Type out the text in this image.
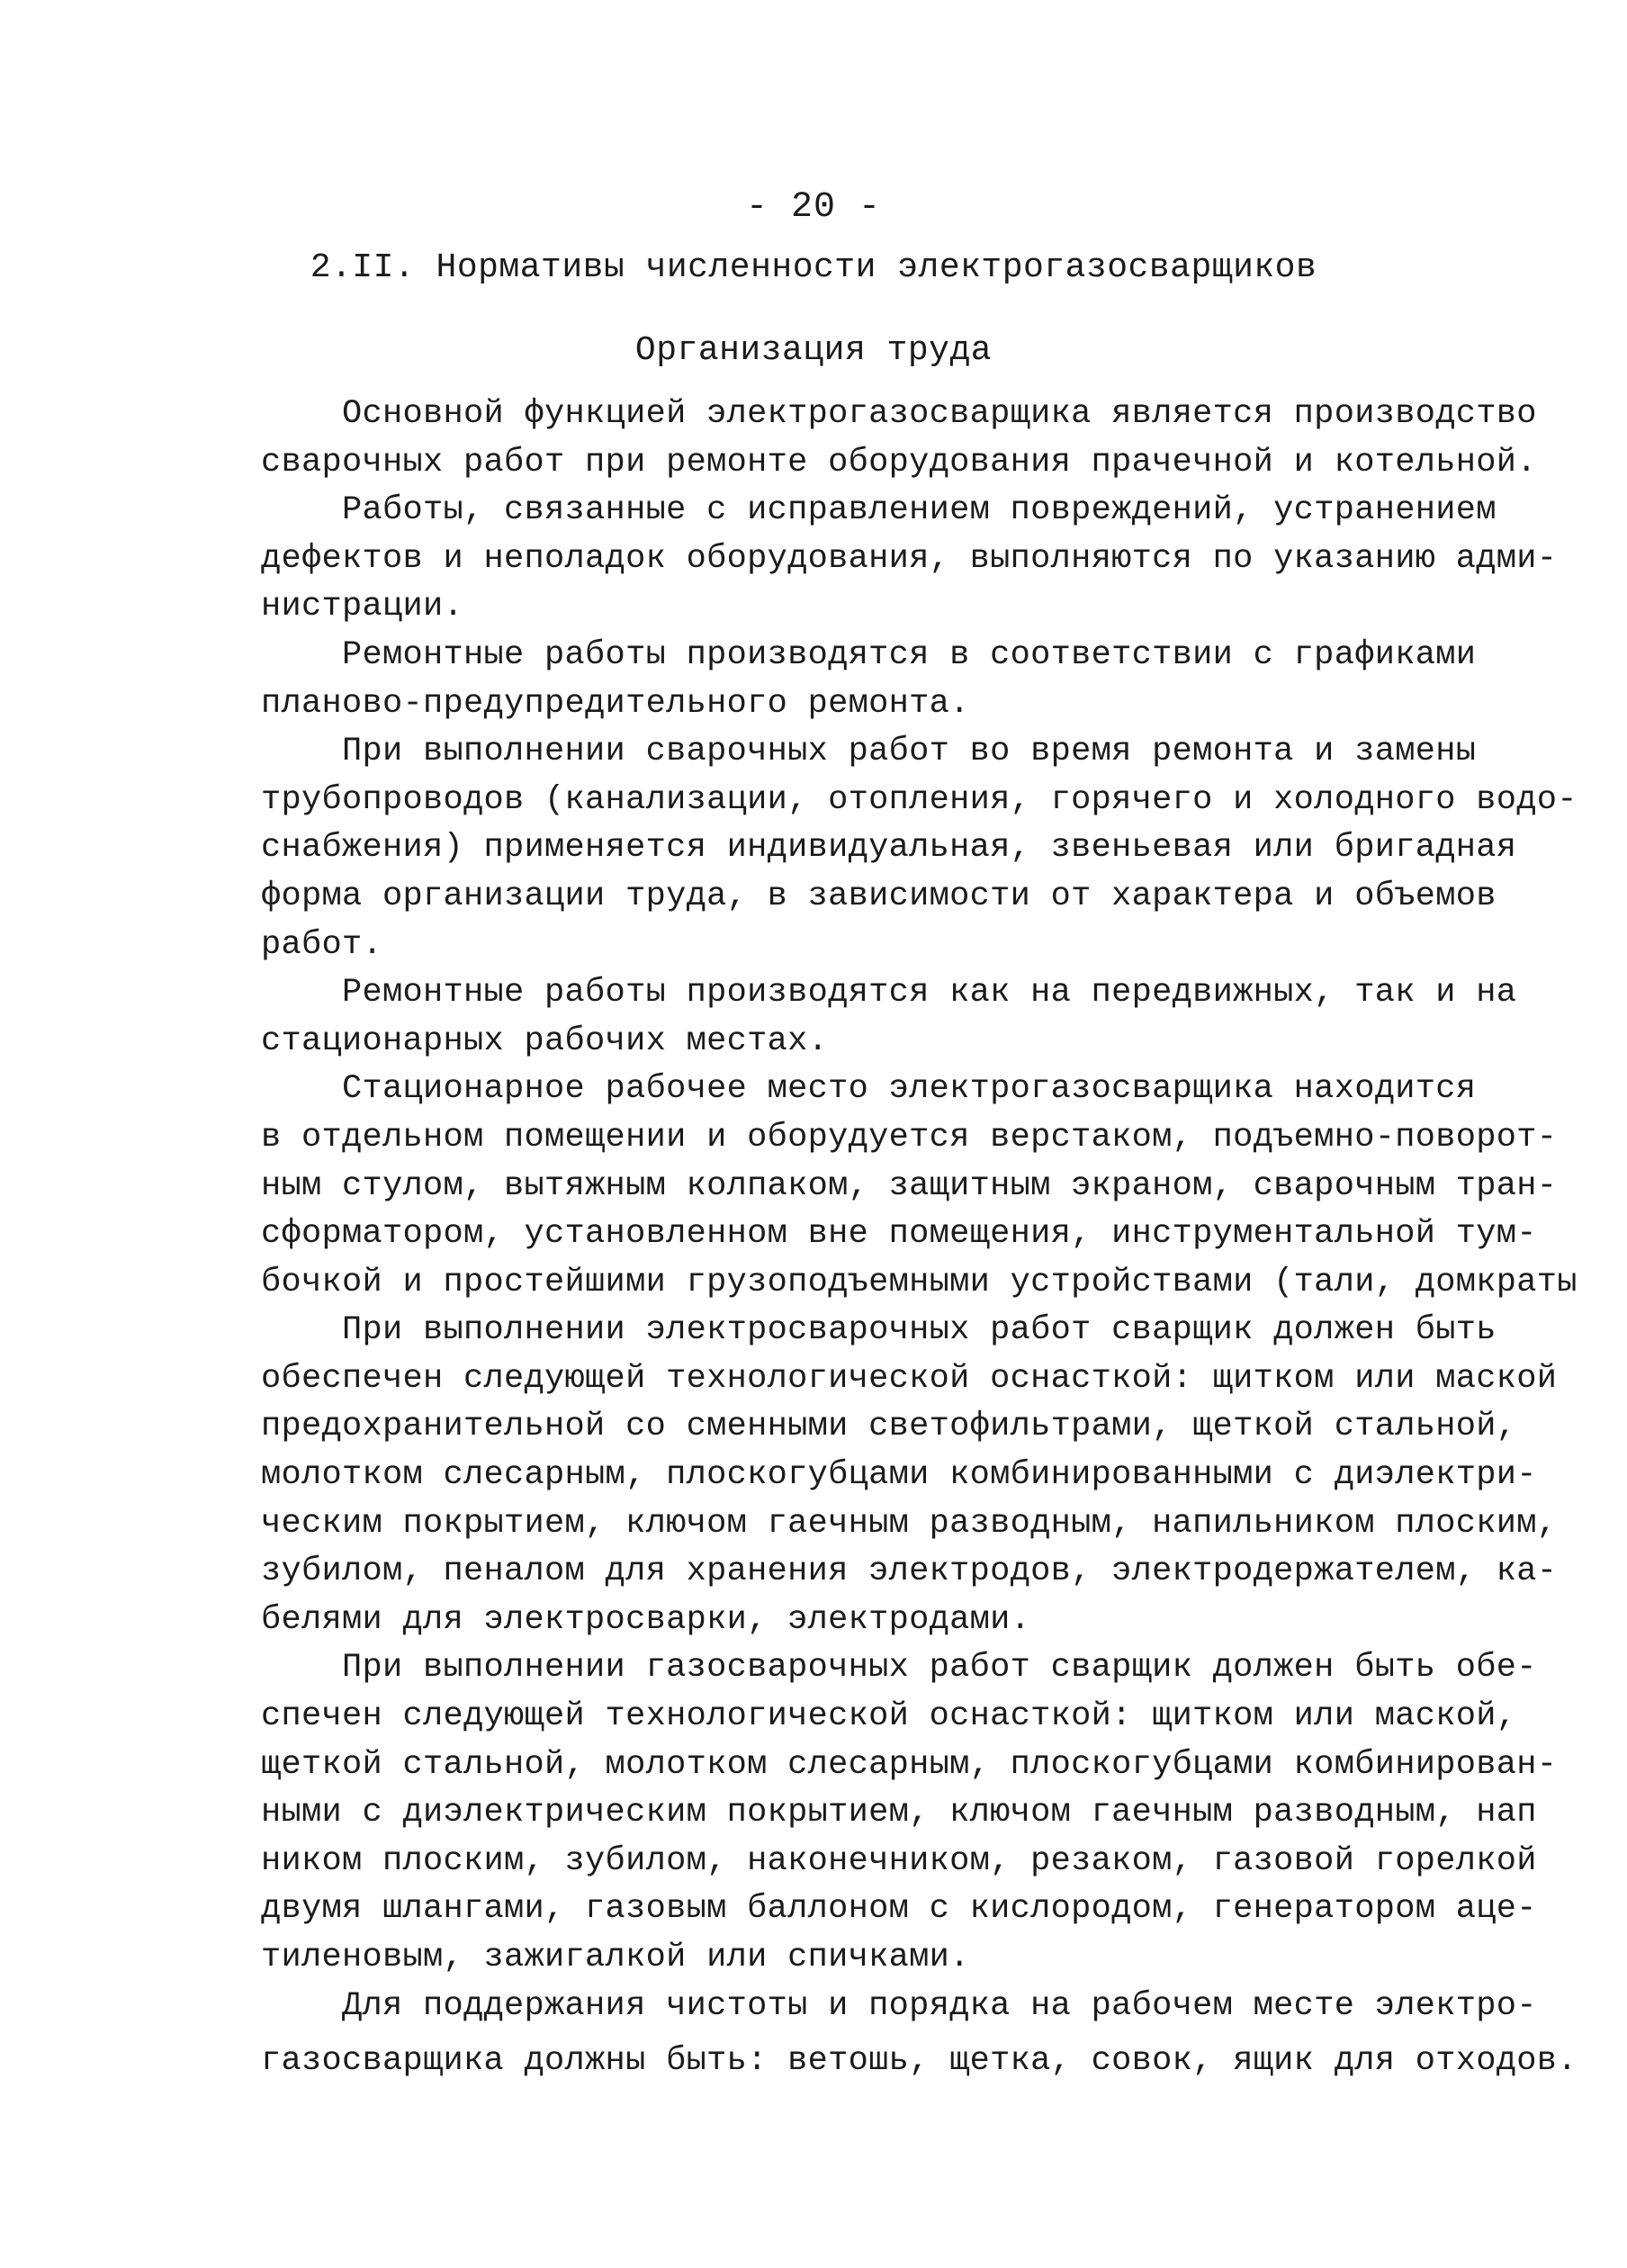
- 20 -
2.II. Нормативы численности электрогазосварщиков
Организация труда
Основной функцией электрогазосварщика является производство
сварочных работ при ремонте оборудования прачечной и котельной.
Работы, связанные с исправлением повреждений, устранением
дефектов и неполадок оборудования, выполняются по указанию адми-
нистрации.
Ремонтные работы производятся в соответствии с графиками
планово-предупредительного ремонта.
При выполнении сварочных работ во время ремонта и замены
трубопроводов (канализации, отопления, горячего и холодного водо-
снабжения) применяется индивидуальная, звеньевая или бригадная
форма организации труда, в зависимости от характера и объемов
работ.
Ремонтные работы производятся как на передвижных, так и на
стационарных рабочих местах.
Стационарное рабочее место электрогазосварщика находится
в отдельном помещении и оборудуется верстаком, подъемно-поворот-
ным стулом, вытяжным колпаком, защитным экраном, сварочным тран-
сформатором, установленном вне помещения, инструментальной тум-
бочкой и простейшими грузоподъемными устройствами (тали, домкраты
При выполнении электросварочных работ сварщик должен быть
обеспечен следующей технологической оснасткой: щитком или маской
предохранительной со сменными светофильтрами, щеткой стальной,
молотком слесарным, плоскогубцами комбинированными с диэлектри-
ческим покрытием, ключом гаечным разводным, напильником плоским,
зубилом, пеналом для хранения электродов, электродержателем, ка-
белями для электросварки, электродами.
При выполнении газосварочных работ сварщик должен быть обе-
спечен следующей технологической оснасткой: щитком или маской,
щеткой стальной, молотком слесарным, плоскогубцами комбинирован-
ными с диэлектрическим покрытием, ключом гаечным разводным, нап
ником плоским, зубилом, наконечником, резаком, газовой горелкой
двумя шлангами, газовым баллоном с кислородом, генератором аце-
тиленовым, зажигалкой или спичками.
Для поддержания чистоты и порядка на рабочем месте электро-
газосварщика должны быть: ветошь, щетка, совок, ящик для отходов.
